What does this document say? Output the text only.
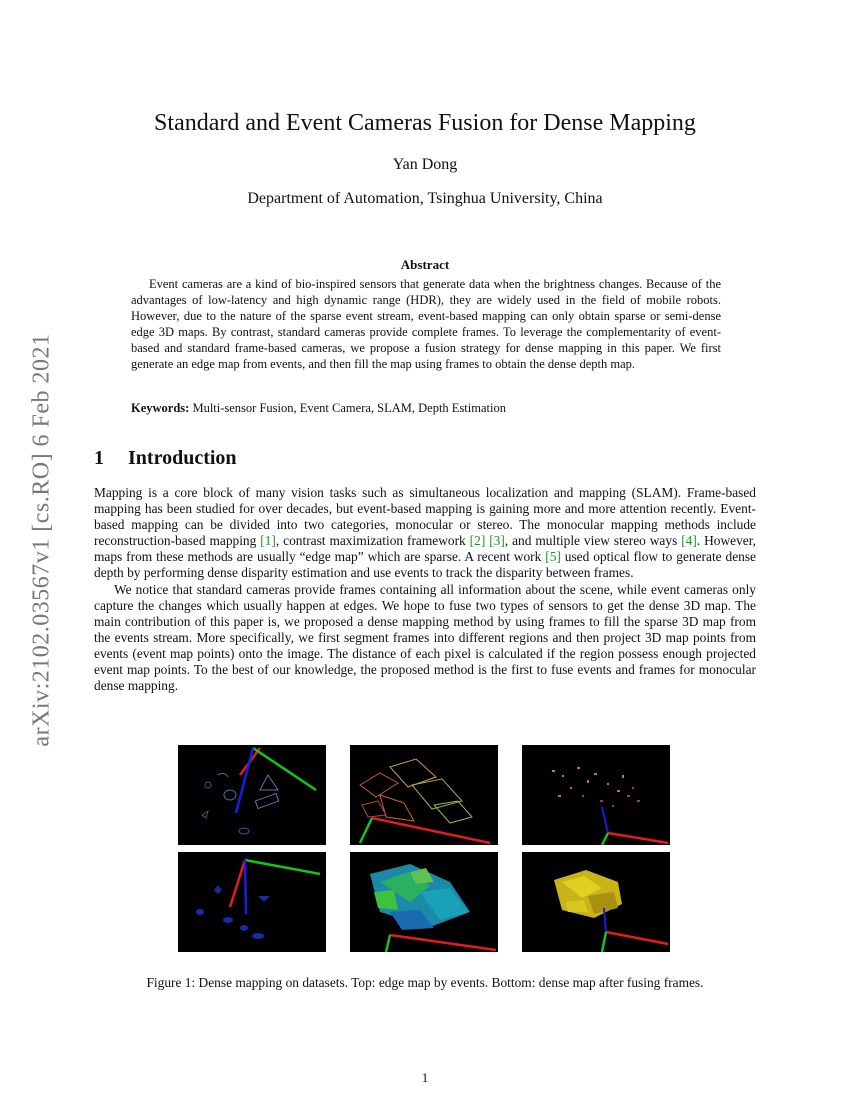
arXiv:2102.03567v1 [cs.RO] 6 Feb 2021
Standard and Event Cameras Fusion for Dense Mapping
Yan Dong
Department of Automation, Tsinghua University, China
Abstract
Event cameras are a kind of bio-inspired sensors that generate data when the brightness changes. Because of the advantages of low-latency and high dynamic range (HDR), they are widely used in the field of mobile robots. However, due to the nature of the sparse event stream, event-based mapping can only obtain sparse or semi-dense edge 3D maps. By contrast, standard cameras provide complete frames. To leverage the complementarity of event-based and standard frame-based cameras, we propose a fusion strategy for dense mapping in this paper. We first generate an edge map from events, and then fill the map using frames to obtain the dense depth map.
Keywords: Multi-sensor Fusion, Event Camera, SLAM, Depth Estimation
1 Introduction

Mapping is a core block of many vision tasks such as simultaneous localization and mapping (SLAM). Frame-based mapping has been studied for over decades, but event-based mapping is gaining more and more attention recently. Event-based mapping can be divided into two categories, monocular or stereo. The monocular mapping methods include reconstruction-based mapping [1], contrast maximization framework [2] [3], and multiple view stereo ways [4]. However, maps from these methods are usually “edge map” which are sparse. A recent work [5] used optical flow to generate dense depth by performing dense disparity estimation and use events to track the disparity between frames.

We notice that standard cameras provide frames containing all information about the scene, while event cameras only capture the changes which usually happen at edges. We hope to fuse two types of sensors to get the dense 3D map. The main contribution of this paper is, we proposed a dense mapping method by using frames to fill the sparse 3D map from the events stream. More specifically, we first segment frames into different regions and then project 3D map points from events (event map points) onto the image. The distance of each pixel is calculated if the region possess enough projected event map points. To the best of our knowledge, the proposed method is the first to fuse events and frames for monocular dense mapping.

Figure 1: Dense mapping on datasets. Top: edge map by events. Bottom: dense map after fusing frames.
1
